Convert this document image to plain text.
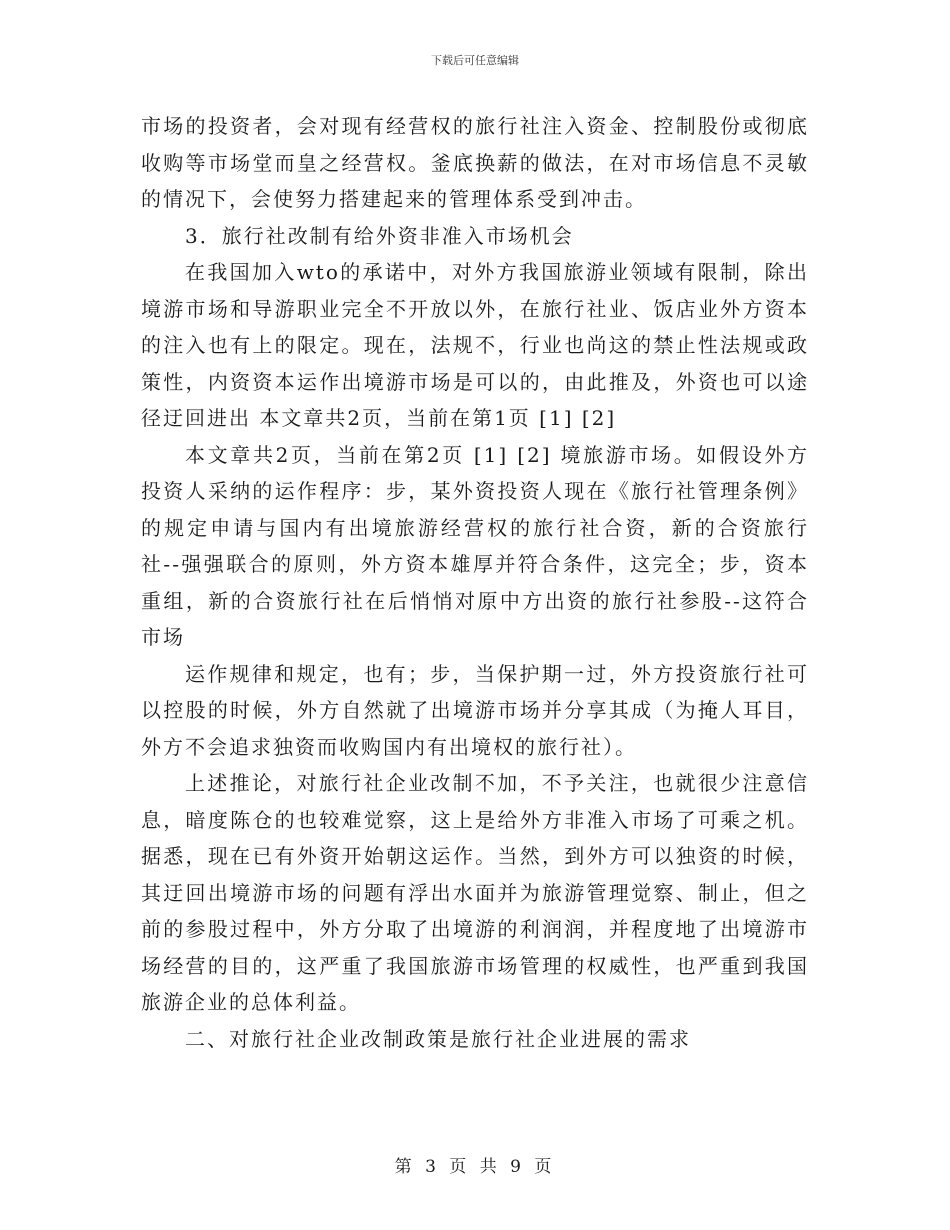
下载后可任意编辑

市场的投资者，会对现有经营权的旅行社注入资金、控制股份或彻底收购等市场堂而皇之经营权。釜底换薪的做法，在对市场信息不灵敏的情况下，会使努力搭建起来的管理体系受到冲击。

3．旅行社改制有给外资非准入市场机会

在我国加入wto的承诺中，对外方我国旅游业领域有限制，除出境游市场和导游职业完全不开放以外，在旅行社业、饭店业外方资本的注入也有上的限定。现在，法规不，行业也尚这的禁止性法规或政策性，内资资本运作出境游市场是可以的，由此推及，外资也可以途径迂回进出 本文章共2页，当前在第1页 [1] [2]

本文章共2页，当前在第2页 [1] [2] 境旅游市场。如假设外方投资人采纳的运作程序：步，某外资投资人现在《旅行社管理条例》的规定申请与国内有出境旅游经营权的旅行社合资，新的合资旅行社--强强联合的原则，外方资本雄厚并符合条件，这完全；步，资本重组，新的合资旅行社在后悄悄对原中方出资的旅行社参股--这符合市场

运作规律和规定，也有；步，当保护期一过，外方投资旅行社可以控股的时候，外方自然就了出境游市场并分享其成（为掩人耳目，外方不会追求独资而收购国内有出境权的旅行社）。

上述推论，对旅行社企业改制不加，不予关注，也就很少注意信息，暗度陈仓的也较难觉察，这上是给外方非准入市场了可乘之机。据悉，现在已有外资开始朝这运作。当然，到外方可以独资的时候，其迂回出境游市场的问题有浮出水面并为旅游管理觉察、制止，但之前的参股过程中，外方分取了出境游的利润润，并程度地了出境游市场经营的目的，这严重了我国旅游市场管理的权威性，也严重到我国旅游企业的总体利益。

二、对旅行社企业改制政策是旅行社企业进展的需求

第 3 页 共 9 页
